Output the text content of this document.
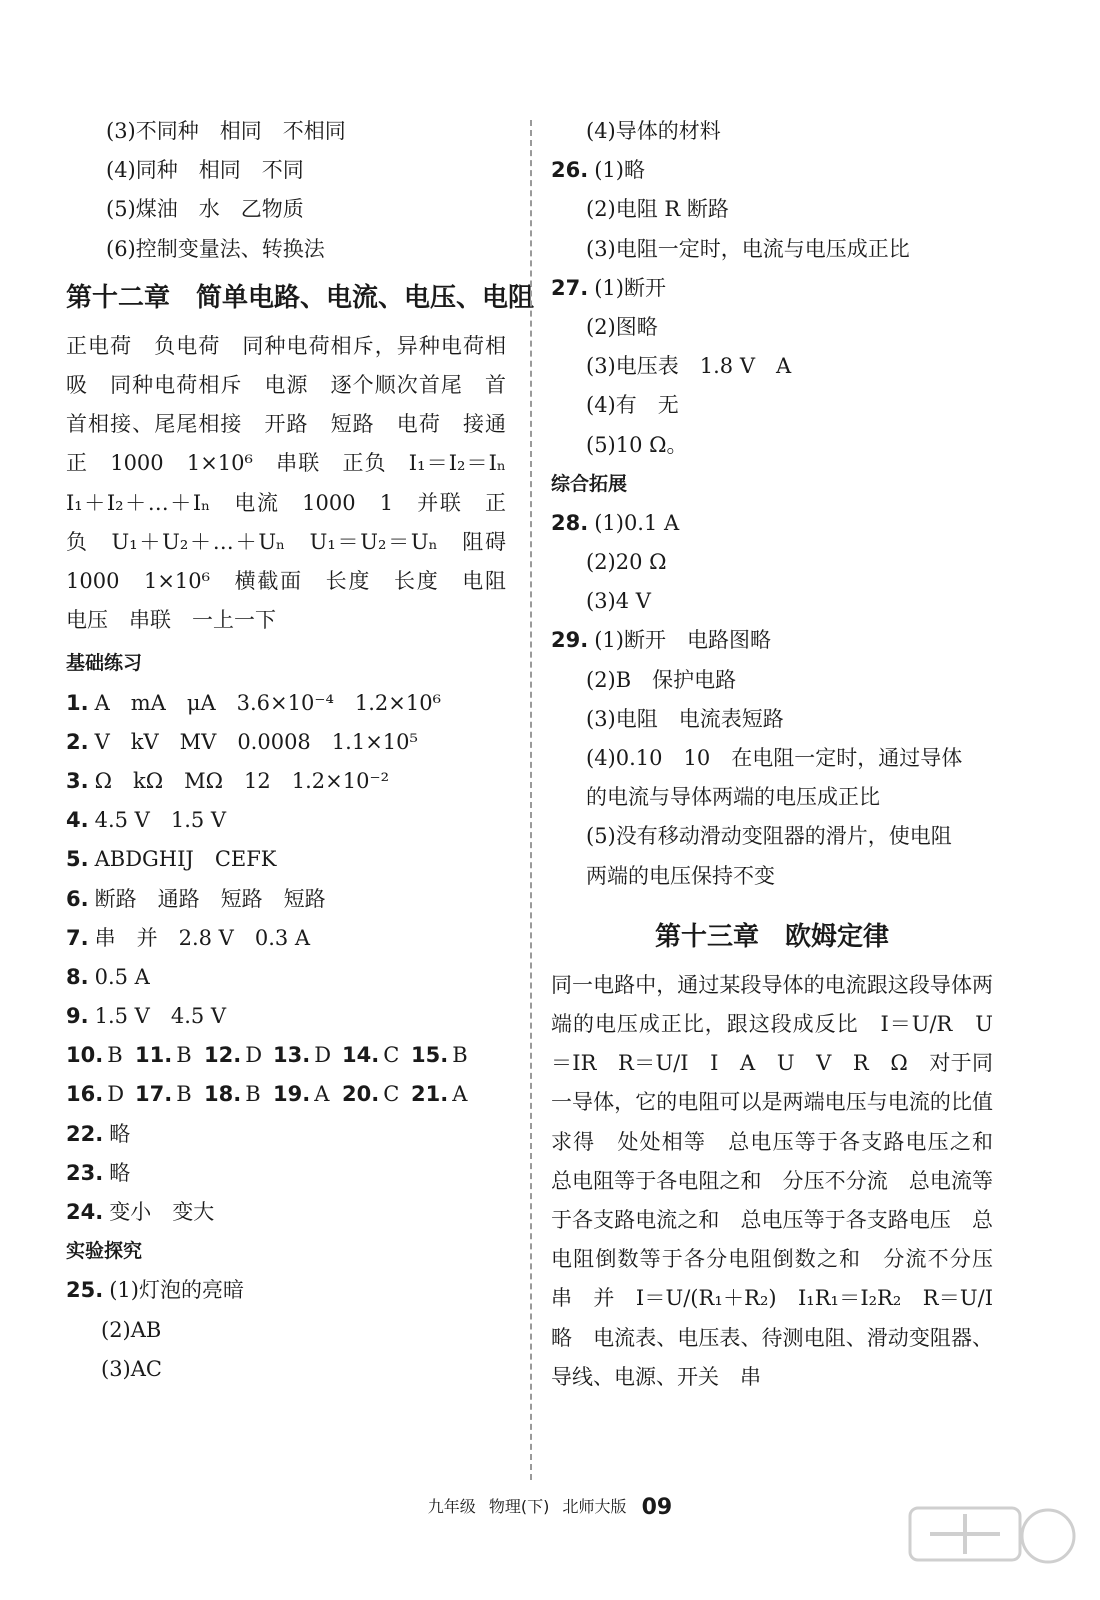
(3)不同种　相同　不相同
(4)同种　相同　不同
(5)煤油　水　乙物质
(6)控制变量法、转换法
第十二章　简单电路、电流、电压、电阻
正电荷　负电荷　同种电荷相斥，异种电荷相吸　同种电荷相斥　电源　逐个顺次首尾　首首相接、尾尾相接　开路　短路　电荷　接通　正　1000　1×10⁶　串联　正负　I₁＝I₂＝Iₙ　I₁＋I₂＋…＋Iₙ　电流　1000　1　并联　正　负　U₁＋U₂＋…＋Uₙ　U₁＝U₂＝Uₙ　阻碍　1000　1×10⁶　横截面　长度　长度　电阻　电压　串联　一上一下
基础练习
1. A　mA　μA　3.6×10⁻⁴　1.2×10⁶
2. V　kV　MV　0.0008　1.1×10⁵
3. Ω　kΩ　MΩ　12　1.2×10⁻²
4. 4.5 V　1.5 V
5. ABDGHIJ　CEFK
6. 断路　通路　短路　短路
7. 串　并　2.8 V　0.3 A
8. 0.5 A
9. 1.5 V　4.5 V
10. B 11. B 12. D 13. D 14. C 15. B
16. D 17. B 18. B 19. A 20. C 21. A
22. 略
23. 略
24. 变小　变大
实验探究
25. (1)灯泡的亮暗
(2)AB
(3)AC
(4)导体的材料
26. (1)略
(2)电阻 R 断路
(3)电阻一定时，电流与电压成正比
27. (1)断开
(2)图略
(3)电压表　1.8 V　A
(4)有　无
(5)10 Ω。
综合拓展
28. (1)0.1 A
(2)20 Ω
(3)4 V
29. (1)断开　电路图略
(2)B　保护电路
(3)电阻　电流表短路
(4)0.10　10　在电阻一定时，通过导体
的电流与导体两端的电压成正比
(5)没有移动滑动变阻器的滑片，使电阻
两端的电压保持不变
第十三章　欧姆定律
同一电路中，通过某段导体的电流跟这段导体两端的电压成正比，跟这段成反比　I＝U/R　U＝IR　R＝U/I　I　A　U　V　R　Ω　对于同一导体，它的电阻可以是两端电压与电流的比值求得　处处相等　总电压等于各支路电压之和　总电阻等于各电阻之和　分压不分流　总电流等于各支路电流之和　总电压等于各支路电压　总电阻倒数等于各分电阻倒数之和　分流不分压　串　并　I＝U/(R₁＋R₂)　I₁R₁＝I₂R₂　R＝U/I　略　电流表、电压表、待测电阻、滑动变阻器、导线、电源、开关　串
九年级 物理(下) 北师大版 09
